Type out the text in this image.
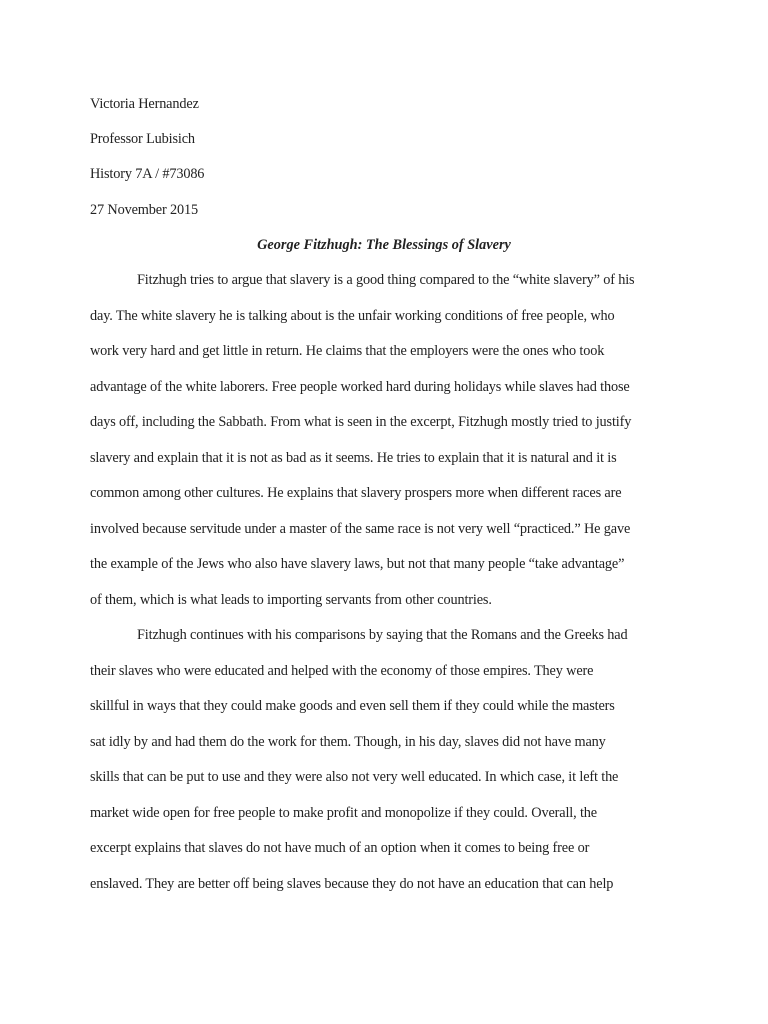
Victoria Hernandez
Professor Lubisich
History 7A / #73086
27 November 2015
George Fitzhugh: The Blessings of Slavery
Fitzhugh tries to argue that slavery is a good thing compared to the “white slavery” of his
day. The white slavery he is talking about is the unfair working conditions of free people, who
work very hard and get little in return. He claims that the employers were the ones who took
advantage of the white laborers. Free people worked hard during holidays while slaves had those
days off, including the Sabbath. From what is seen in the excerpt, Fitzhugh mostly tried to justify
slavery and explain that it is not as bad as it seems. He tries to explain that it is natural and it is
common among other cultures. He explains that slavery prospers more when different races are
involved because servitude under a master of the same race is not very well “practiced.” He gave
the example of the Jews who also have slavery laws, but not that many people “take advantage”
of them, which is what leads to importing servants from other countries.
Fitzhugh continues with his comparisons by saying that the Romans and the Greeks had
their slaves who were educated and helped with the economy of those empires. They were
skillful in ways that they could make goods and even sell them if they could while the masters
sat idly by and had them do the work for them. Though, in his day, slaves did not have many
skills that can be put to use and they were also not very well educated. In which case, it left the
market wide open for free people to make profit and monopolize if they could. Overall, the
excerpt explains that slaves do not have much of an option when it comes to being free or
enslaved. They are better off being slaves because they do not have an education that can help
